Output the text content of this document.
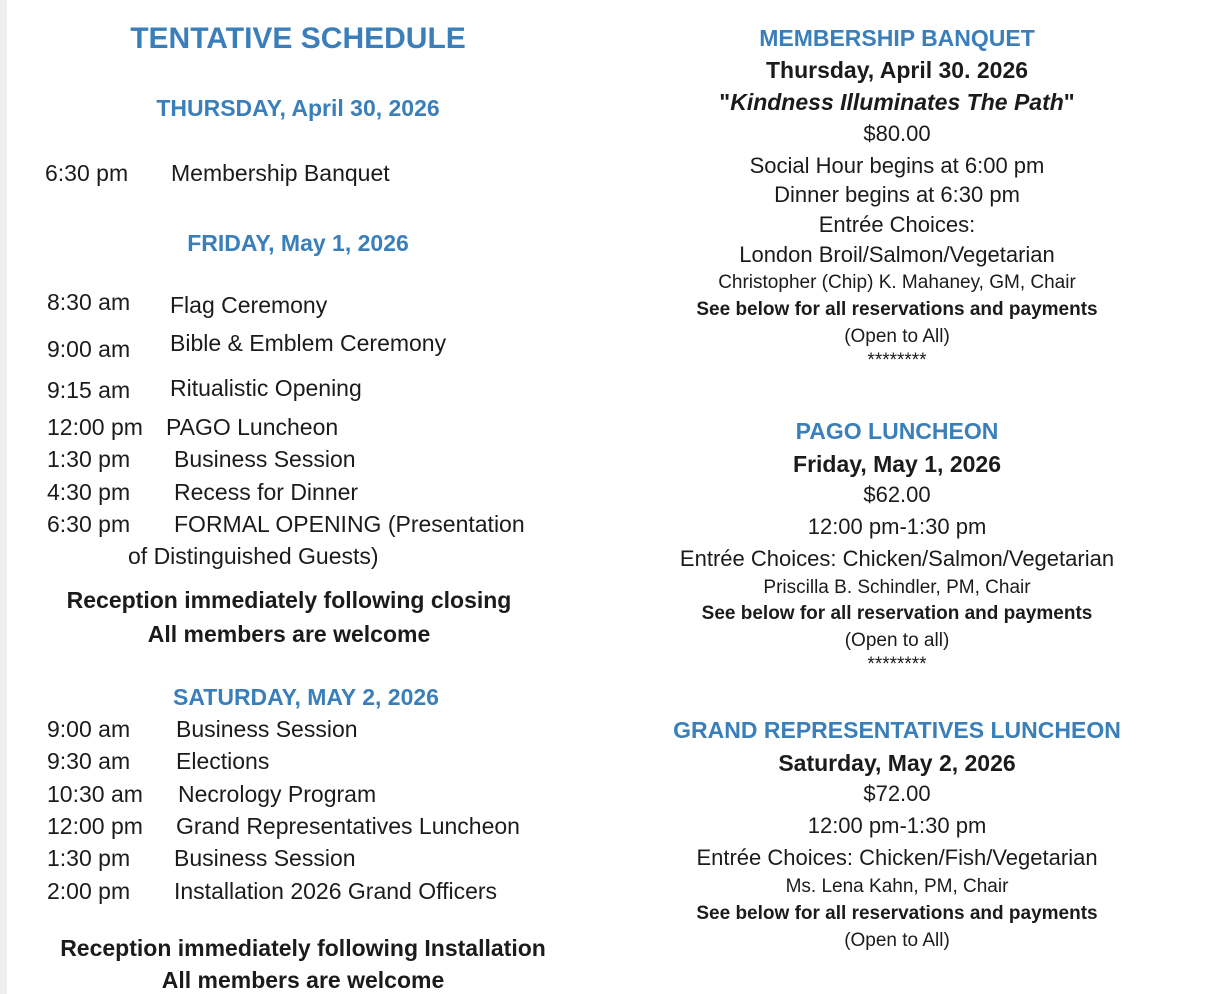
TENTATIVE SCHEDULE
THURSDAY, April 30, 2026
6:30 pm Membership Banquet
FRIDAY, May 1, 2026
8:30 am Flag Ceremony
9:00 am Bible & Emblem Ceremony
9:15 am Ritualistic Opening
12:00 pm PAGO Luncheon
1:30 pm Business Session
4:30 pm Recess for Dinner
6:30 pm FORMAL OPENING (Presentation
of Distinguished Guests)
Reception immediately following closing
All members are welcome
SATURDAY, MAY 2, 2026
9:00 am Business Session
9:30 am Elections
10:30 am Necrology Program
12:00 pm Grand Representatives Luncheon
1:30 pm Business Session
2:00 pm Installation 2026 Grand Officers
Reception immediately following Installation
All members are welcome
MEMBERSHIP BANQUET
Thursday, April 30. 2026
"Kindness Illuminates The Path"
$80.00
Social Hour begins at 6:00 pm
Dinner begins at 6:30 pm
Entrée Choices:
London Broil/Salmon/Vegetarian
Christopher (Chip) K. Mahaney, GM, Chair
See below for all reservations and payments
(Open to All)
********
PAGO LUNCHEON
Friday, May 1, 2026
$62.00
12:00 pm-1:30 pm
Entrée Choices: Chicken/Salmon/Vegetarian
Priscilla B. Schindler, PM, Chair
See below for all reservation and payments
(Open to all)
********
GRAND REPRESENTATIVES LUNCHEON
Saturday, May 2, 2026
$72.00
12:00 pm-1:30 pm
Entrée Choices: Chicken/Fish/Vegetarian
Ms. Lena Kahn, PM, Chair
See below for all reservations and payments
(Open to All)
